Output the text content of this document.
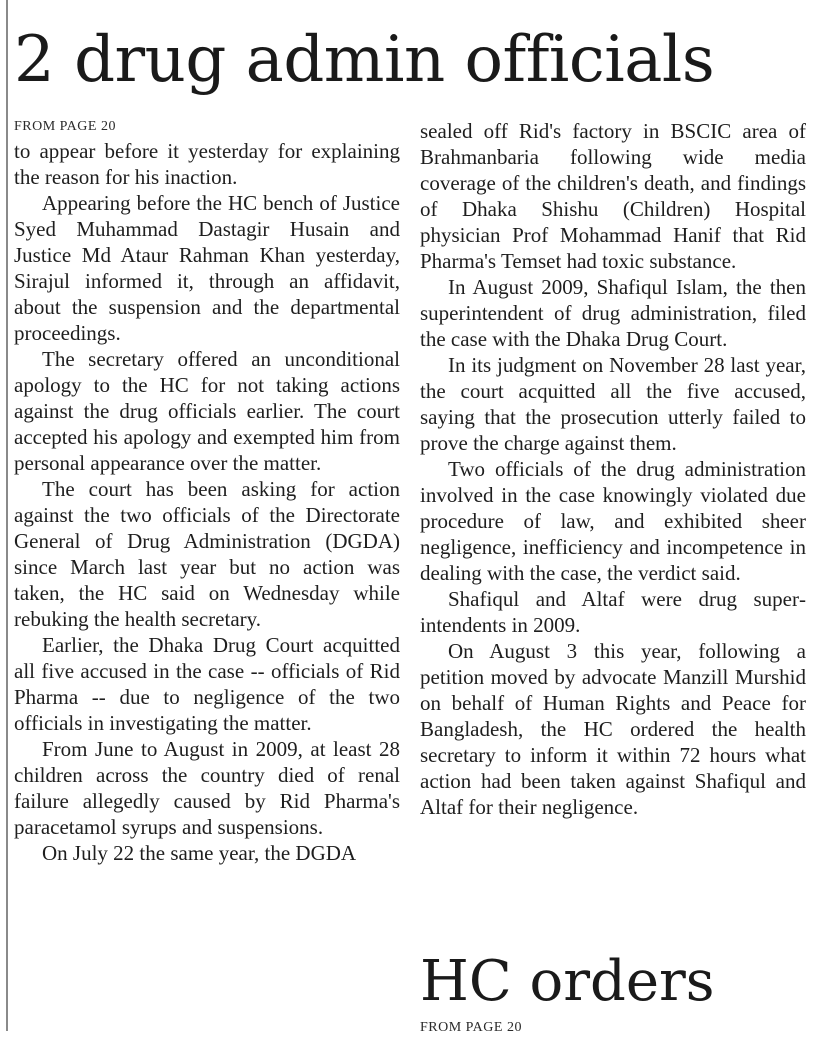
2 drug admin officials
FROM PAGE 20

to appear before it yesterday for explaining the reason for his inaction.

Appearing before the HC bench of Justice Syed Muhammad Dastagir Husain and Justice Md Ataur Rahman Khan yesterday, Sirajul informed it, through an affidavit, about the suspension and the departmental proceedings.

The secretary offered an unconditional apology to the HC for not taking actions against the drug officials earlier. The court accepted his apology and exempted him from personal appearance over the matter.

The court has been asking for action against the two officials of the Directorate General of Drug Administration (DGDA) since March last year but no action was taken, the HC said on Wednesday while rebuking the health secretary.

Earlier, the Dhaka Drug Court acquitted all five accused in the case -- officials of Rid Pharma -- due to negligence of the two officials in investigating the matter.

From June to August in 2009, at least 28 children across the country died of renal failure allegedly caused by Rid Pharma's paracetamol syrups and suspensions.

On July 22 the same year, the DGDA

sealed off Rid's factory in BSCIC area of Brahmanbaria following wide media coverage of the children's death, and findings of Dhaka Shishu (Children) Hospital physician Prof Mohammad Hanif that Rid Pharma's Temset had toxic substance.

In August 2009, Shafiqul Islam, the then superintendent of drug administration, filed the case with the Dhaka Drug Court.

In its judgment on November 28 last year, the court acquitted all the five accused, saying that the prosecution utterly failed to prove the charge against them.

Two officials of the drug administration involved in the case knowingly violated due procedure of law, and exhibited sheer negligence, inefficiency and incompetence in dealing with the case, the verdict said.

Shafiqul and Altaf were drug superintendents in 2009.

On August 3 this year, following a petition moved by advocate Manzill Murshid on behalf of Human Rights and Peace for Bangladesh, the HC ordered the health secretary to inform it within 72 hours what action had been taken against Shafiqul and Altaf for their negligence.

HC orders
FROM PAGE 20
